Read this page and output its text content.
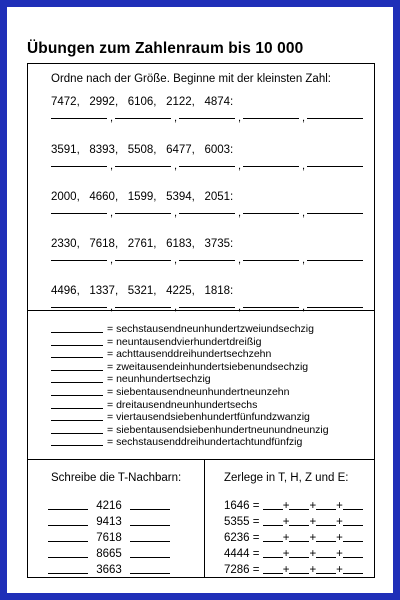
Übungen zum Zahlenraum bis 10 000
Ordne nach der Größe. Beginne mit der kleinsten Zahl:
7472,   2992,   6106,   2122,   4874:
,	,	,	,
3591,   8393,   5508,   6477,   6003:
,	,	,	,
2000,   4660,   1599,   5394,   2051:
,	,	,	,
2330,   7618,   2761,   6183,   3735:
,	,	,	,
4496,   1337,   5321,   4225,   1818:
,	,	,	,
= sechstausendneunhundertzweiundsechzig
= neuntausendvierhundertdreißig
= achttausenddreihundertsechzehn
= zweitausendeinhundertsiebenundsechzig
= neunhundertsechzig
= siebentausendneunhundertneunzehn
= dreitausendneunhundertsechs
= viertausendsiebenhundertfünfundzwanzig
= siebentausendsiebenhundertneunundneunzig
= sechstausenddreihundertachtundfünfzig
Schreibe die T-Nachbarn:	Zerlege in T, H, Z und E:
4216
9413
7618
8665
3663
1646 = + + +
5355 = + + +
6236 = + + +
4444 = + + +
7286 = + + +
